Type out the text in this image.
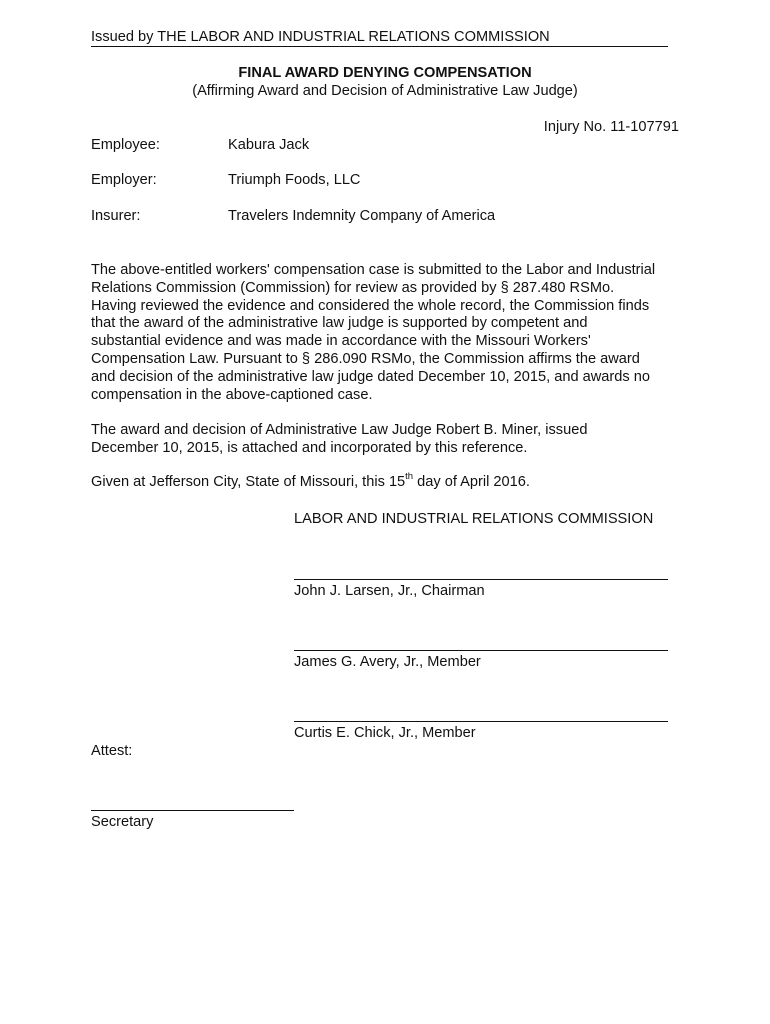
Issued by THE LABOR AND INDUSTRIAL RELATIONS COMMISSION
FINAL AWARD DENYING COMPENSATION
(Affirming Award and Decision of Administrative Law Judge)
Injury No. 11-107791
Employee:	Kabura Jack
Employer:	Triumph Foods, LLC
Insurer:	Travelers Indemnity Company of America
The above-entitled workers' compensation case is submitted to the Labor and Industrial
Relations Commission (Commission) for review as provided by § 287.480 RSMo.
Having reviewed the evidence and considered the whole record, the Commission finds
that the award of the administrative law judge is supported by competent and
substantial evidence and was made in accordance with the Missouri Workers'
Compensation Law. Pursuant to § 286.090 RSMo, the Commission affirms the award
and decision of the administrative law judge dated December 10, 2015, and awards no
compensation in the above-captioned case.
The award and decision of Administrative Law Judge Robert B. Miner, issued
December 10, 2015, is attached and incorporated by this reference.
Given at Jefferson City, State of Missouri, this 15th day of April 2016.
LABOR AND INDUSTRIAL RELATIONS COMMISSION
John J. Larsen, Jr., Chairman
James G. Avery, Jr., Member
Curtis E. Chick, Jr., Member
Attest:
Secretary
